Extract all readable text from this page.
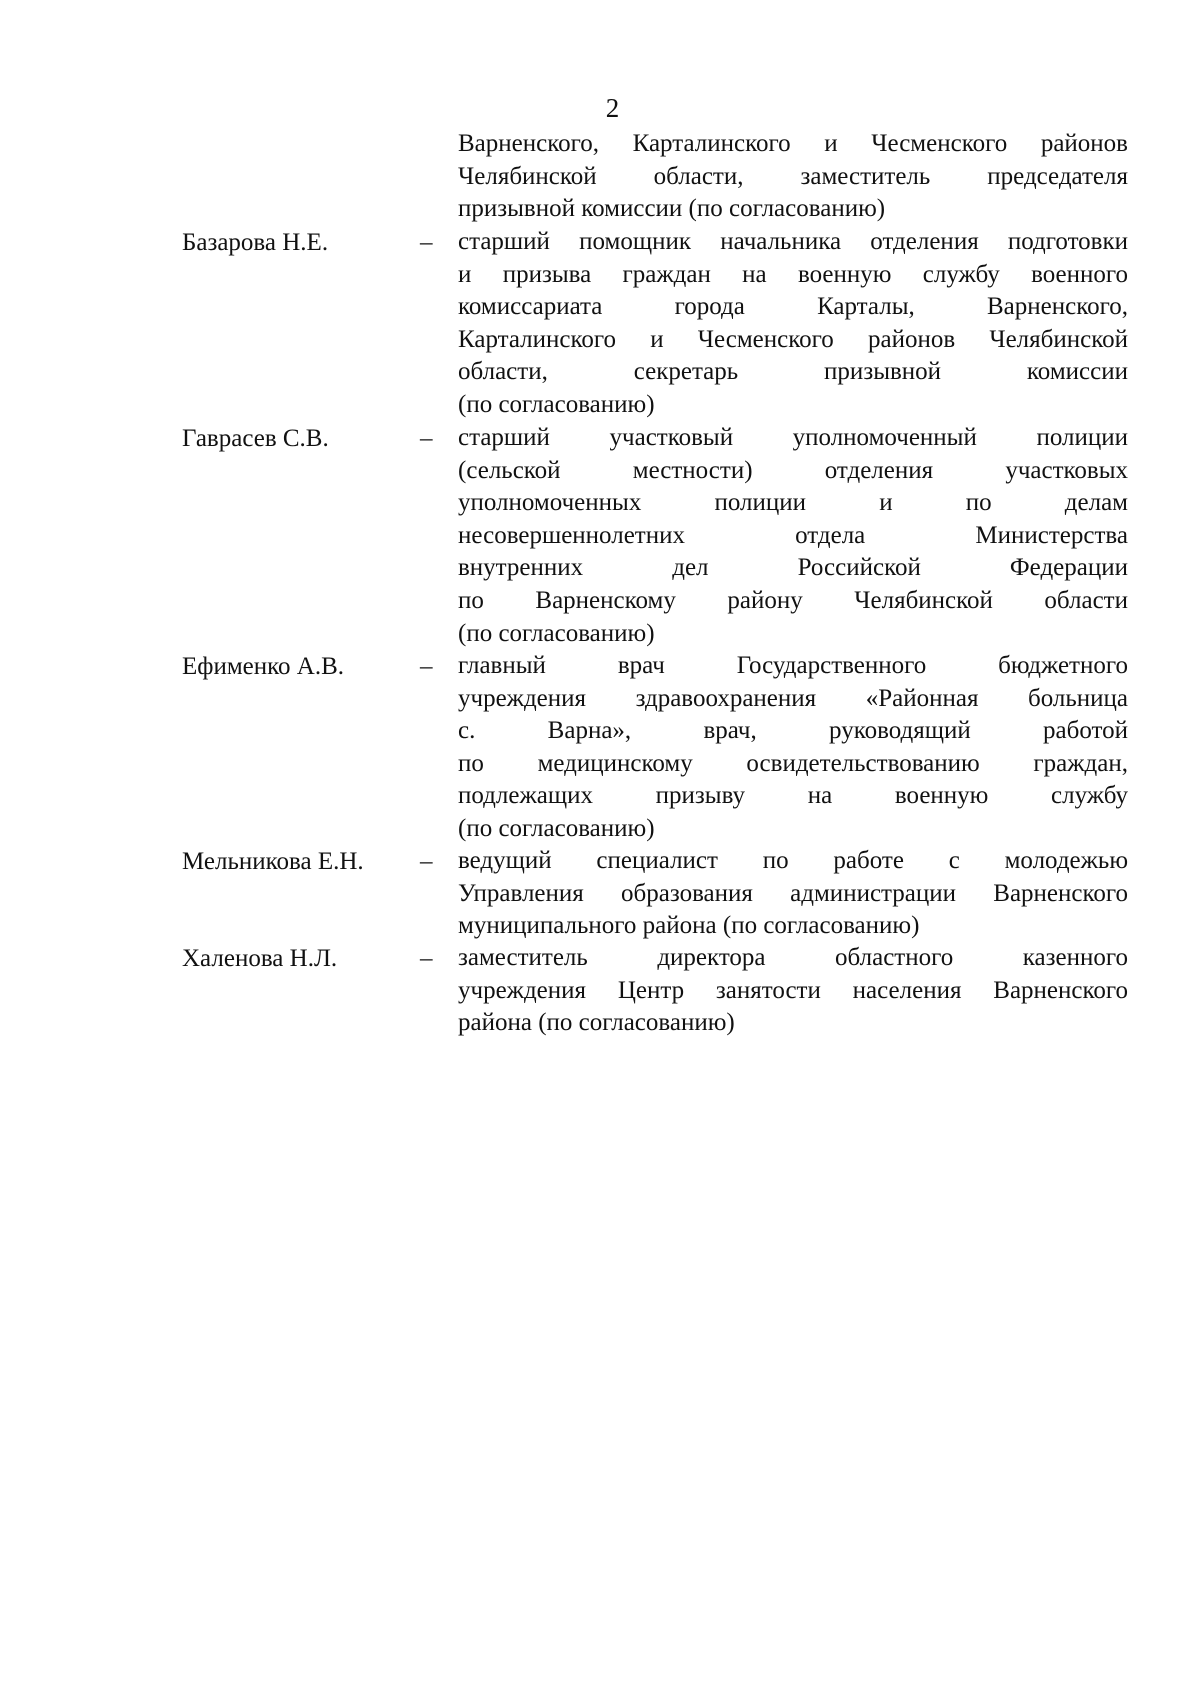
2
Варненского, Карталинского и Чесменского районов
Челябинской области, заместитель председателя
призывной комиссии (по согласованию)
Базарова Н.Е.	– старший помощник начальника отделения подготовки
и призыва граждан на военную службу военного
комиссариата города Карталы, Варненского,
Карталинского и Чесменского районов Челябинской
области, секретарь призывной комиссии
(по согласованию)
Гаврасев С.В.	– старший участковый уполномоченный полиции
(сельской местности) отделения участковых
уполномоченных полиции и по делам
несовершеннолетних отдела Министерства
внутренних дел Российской Федерации
по Варненскому району Челябинской области
(по согласованию)
Ефименко А.В.	– главный врач Государственного бюджетного
учреждения здравоохранения «Районная больница
с. Варна», врач, руководящий работой
по медицинскому освидетельствованию граждан,
подлежащих призыву на военную службу
(по согласованию)
Мельникова Е.Н. – ведущий специалист по работе с молодежью
Управления образования администрации Варненского
муниципального района (по согласованию)
Халенова Н.Л.	– заместитель директора областного казенного
учреждения Центр занятости населения Варненского
района (по согласованию)
